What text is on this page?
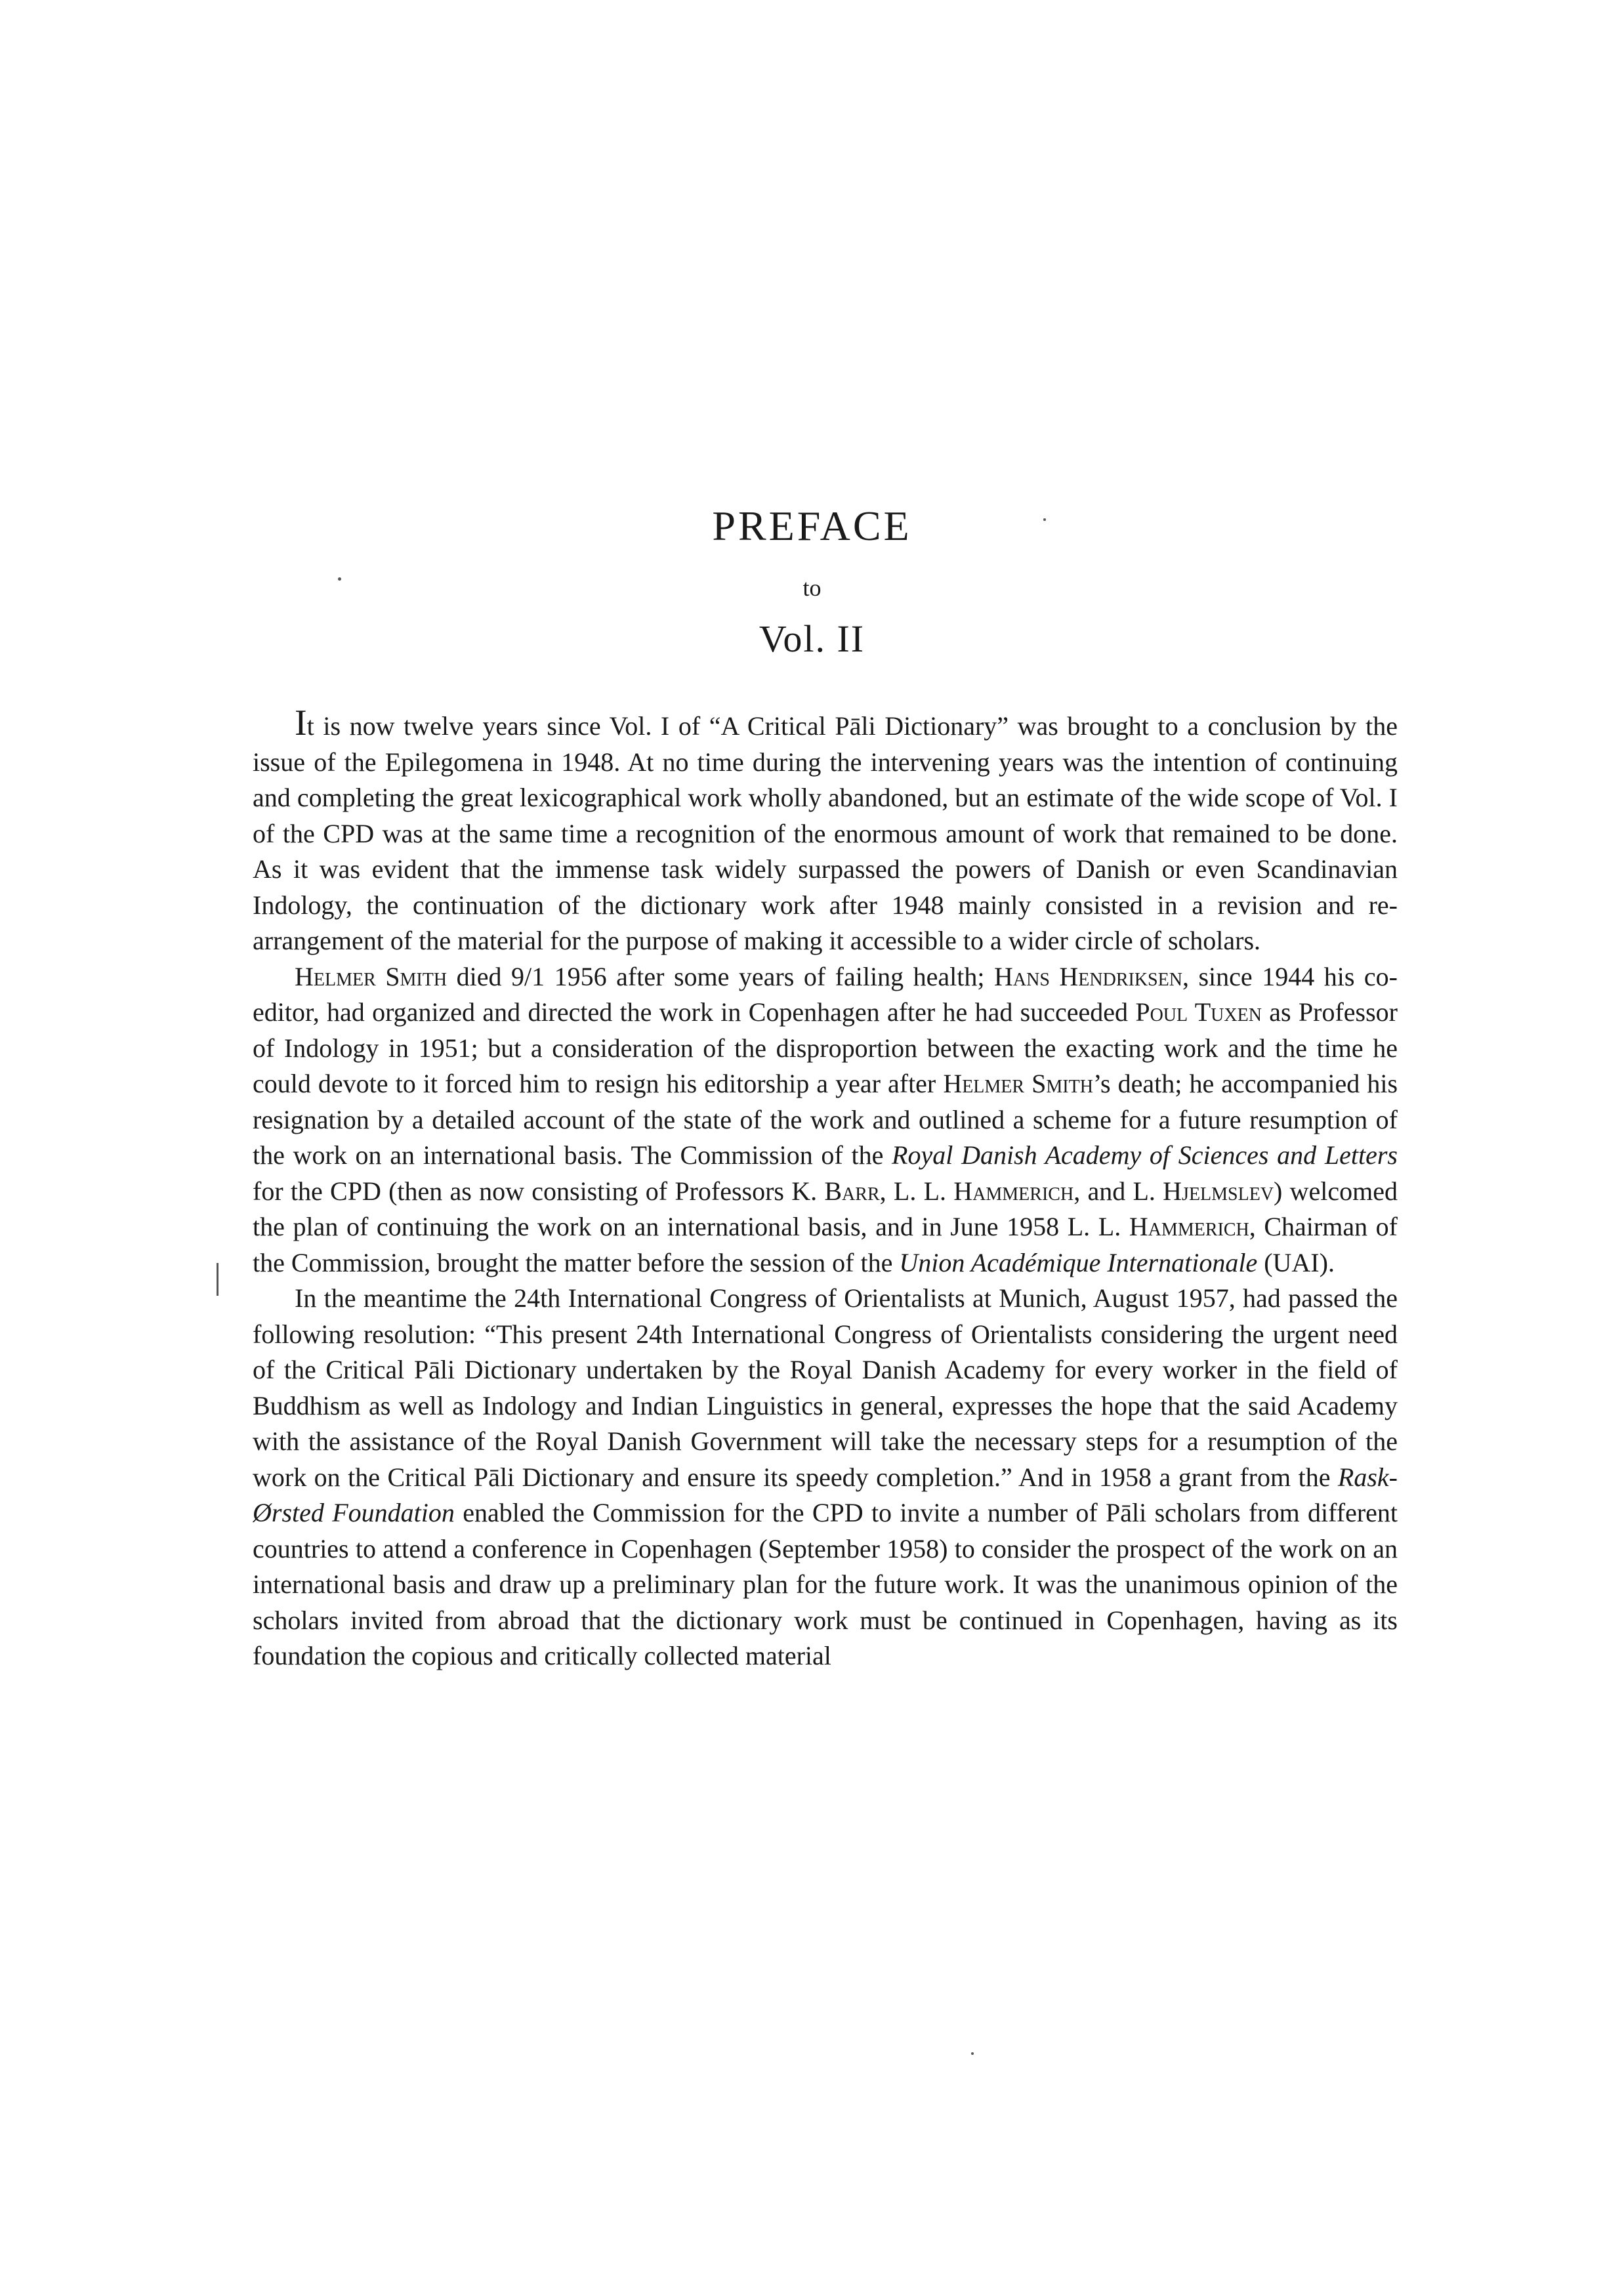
PREFACE
to
Vol. II

It is now twelve years since Vol. I of “A Critical Pāli Dictionary” was brought to a conclusion by the issue of the Epilegomena in 1948. At no time during the intervening years was the intention of continuing and completing the great lexicographical work wholly abandoned, but an estimate of the wide scope of Vol. I of the CPD was at the same time a recognition of the enormous amount of work that remained to be done. As it was evident that the immense task widely surpassed the powers of Danish or even Scandinavian Indology, the continuation of the dictionary work after 1948 mainly consisted in a revision and re-arrangement of the material for the purpose of making it accessible to a wider circle of scholars.

Helmer Smith died 9/1 1956 after some years of failing health; Hans Hendriksen, since 1944 his co-editor, had organized and directed the work in Copenhagen after he had succeeded Poul Tuxen as Professor of Indology in 1951; but a consideration of the disproportion between the exacting work and the time he could devote to it forced him to resign his editorship a year after Helmer Smith’s death; he accompanied his resignation by a detailed account of the state of the work and outlined a scheme for a future resumption of the work on an international basis. The Commission of the Royal Danish Academy of Sciences and Letters for the CPD (then as now consisting of Professors K. Barr, L. L. Hammerich, and L. Hjelmslev) welcomed the plan of continuing the work on an international basis, and in June 1958 L. L. Hammerich, Chairman of the Commission, brought the matter before the session of the Union Académique Internationale (UAI).

In the meantime the 24th International Congress of Orientalists at Munich, August 1957, had passed the following resolution: “This present 24th International Congress of Orientalists considering the urgent need of the Critical Pāli Dictionary undertaken by the Royal Danish Academy for every worker in the field of Buddhism as well as Indology and Indian Linguistics in general, expresses the hope that the said Academy with the assistance of the Royal Danish Government will take the necessary steps for a resumption of the work on the Critical Pāli Dictionary and ensure its speedy completion.” And in 1958 a grant from the Rask-Ørsted Foundation enabled the Commission for the CPD to invite a number of Pāli scholars from different countries to attend a conference in Copenhagen (September 1958) to consider the prospect of the work on an international basis and draw up a preliminary plan for the future work. It was the unanimous opinion of the scholars invited from abroad that the dictionary work must be continued in Copenhagen, having as its foundation the copious and critically collected material
